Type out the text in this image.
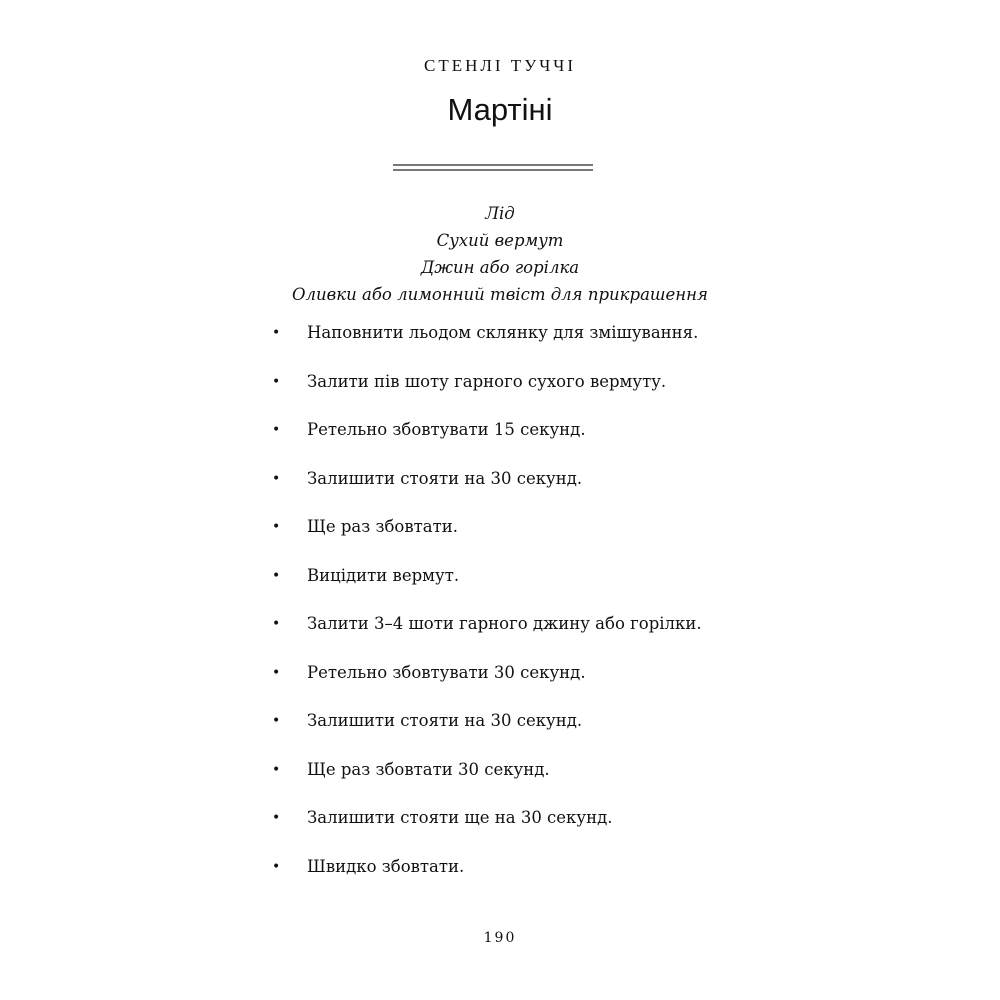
СТЕНЛІ ТУЧЧІ
Мартіні
Лід
Сухий вермут
Джин або горілка
Оливки або лимонний твіст для прикрашення
• Наповнити льодом склянку для змішування.
• Залити пів шоту гарного сухого вермуту.
• Ретельно збовтувати 15 секунд.
• Залишити стояти на 30 секунд.
• Ще раз збовтати.
• Вицідити вермут.
• Залити 3–4 шоти гарного джину або горілки.
• Ретельно збовтувати 30 секунд.
• Залишити стояти на 30 секунд.
• Ще раз збовтати 30 секунд.
• Залишити стояти ще на 30 секунд.
• Швидко збовтати.
190
